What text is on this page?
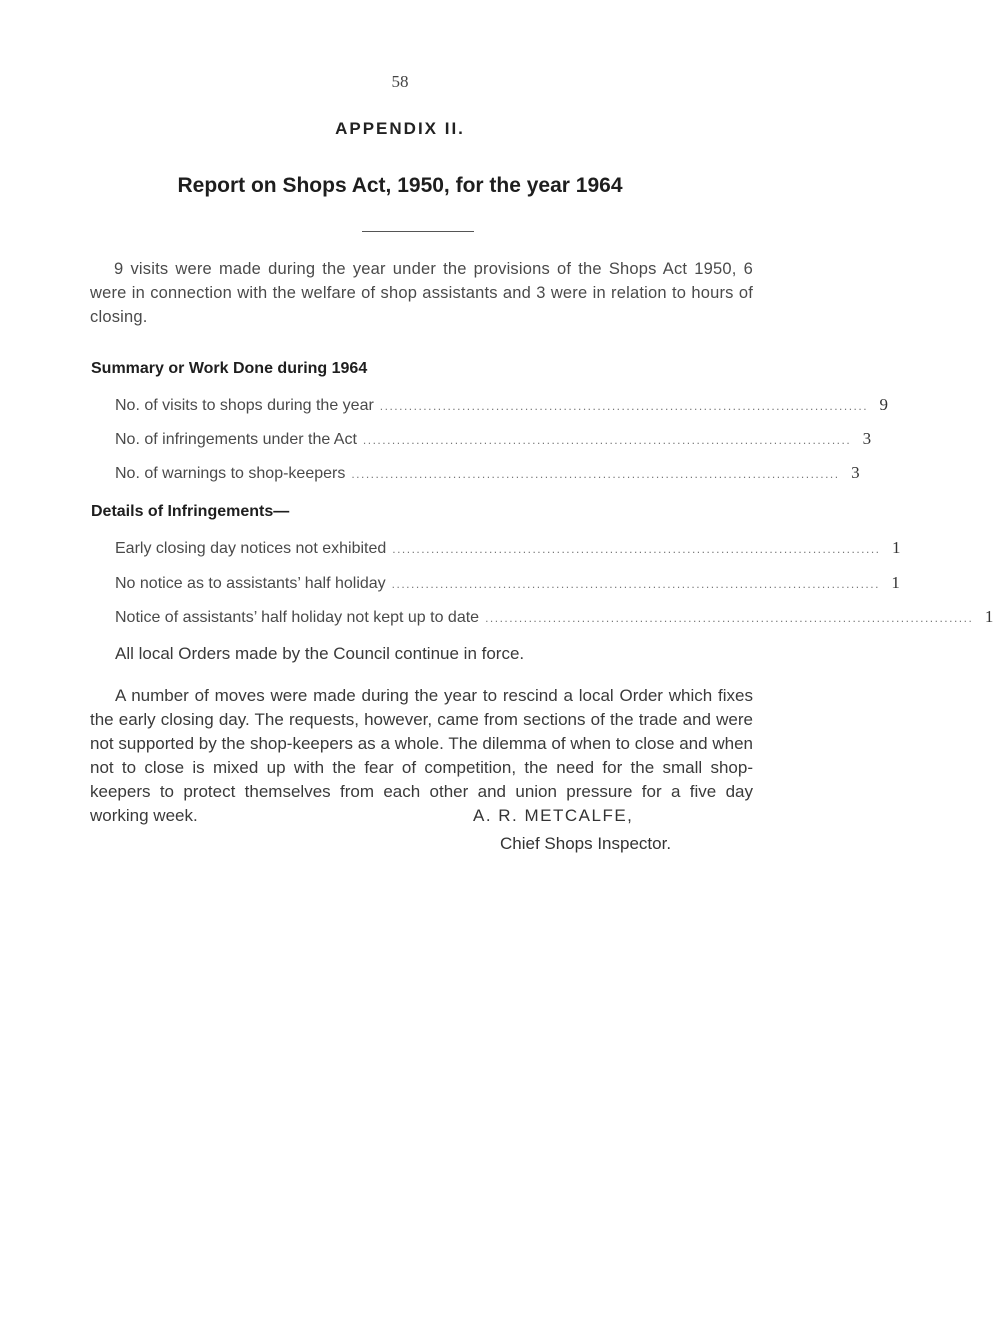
58
APPENDIX II.
Report on Shops Act, 1950, for the year 1964
9 visits were made during the year under the provisions of the Shops Act 1950, 6 were in connection with the welfare of shop assistants and 3 were in relation to hours of closing.
Summary or Work Done during 1964
No. of visits to shops during the year ..................................................................................................... 9
No. of infringements under the Act ..................................................................................................... 3
No. of warnings to shop-keepers ..................................................................................................... 3
Details of Infringements—
Early closing day notices not exhibited ..................................................................................................... 1
No notice as to assistants’ half holiday ..................................................................................................... 1
Notice of assistants’ half holiday not kept up to date ..................................................................................................... 1
All local Orders made by the Council continue in force.
A number of moves were made during the year to rescind a local Order which fixes the early closing day. The requests, however, came from sections of the trade and were not supported by the shop-keepers as a whole. The dilemma of when to close and when not to close is mixed up with the fear of competition, the need for the small shop-keepers to protect themselves from each other and union pressure for a five day working week.	A. R. METCALFE,
Chief Shops Inspector.
